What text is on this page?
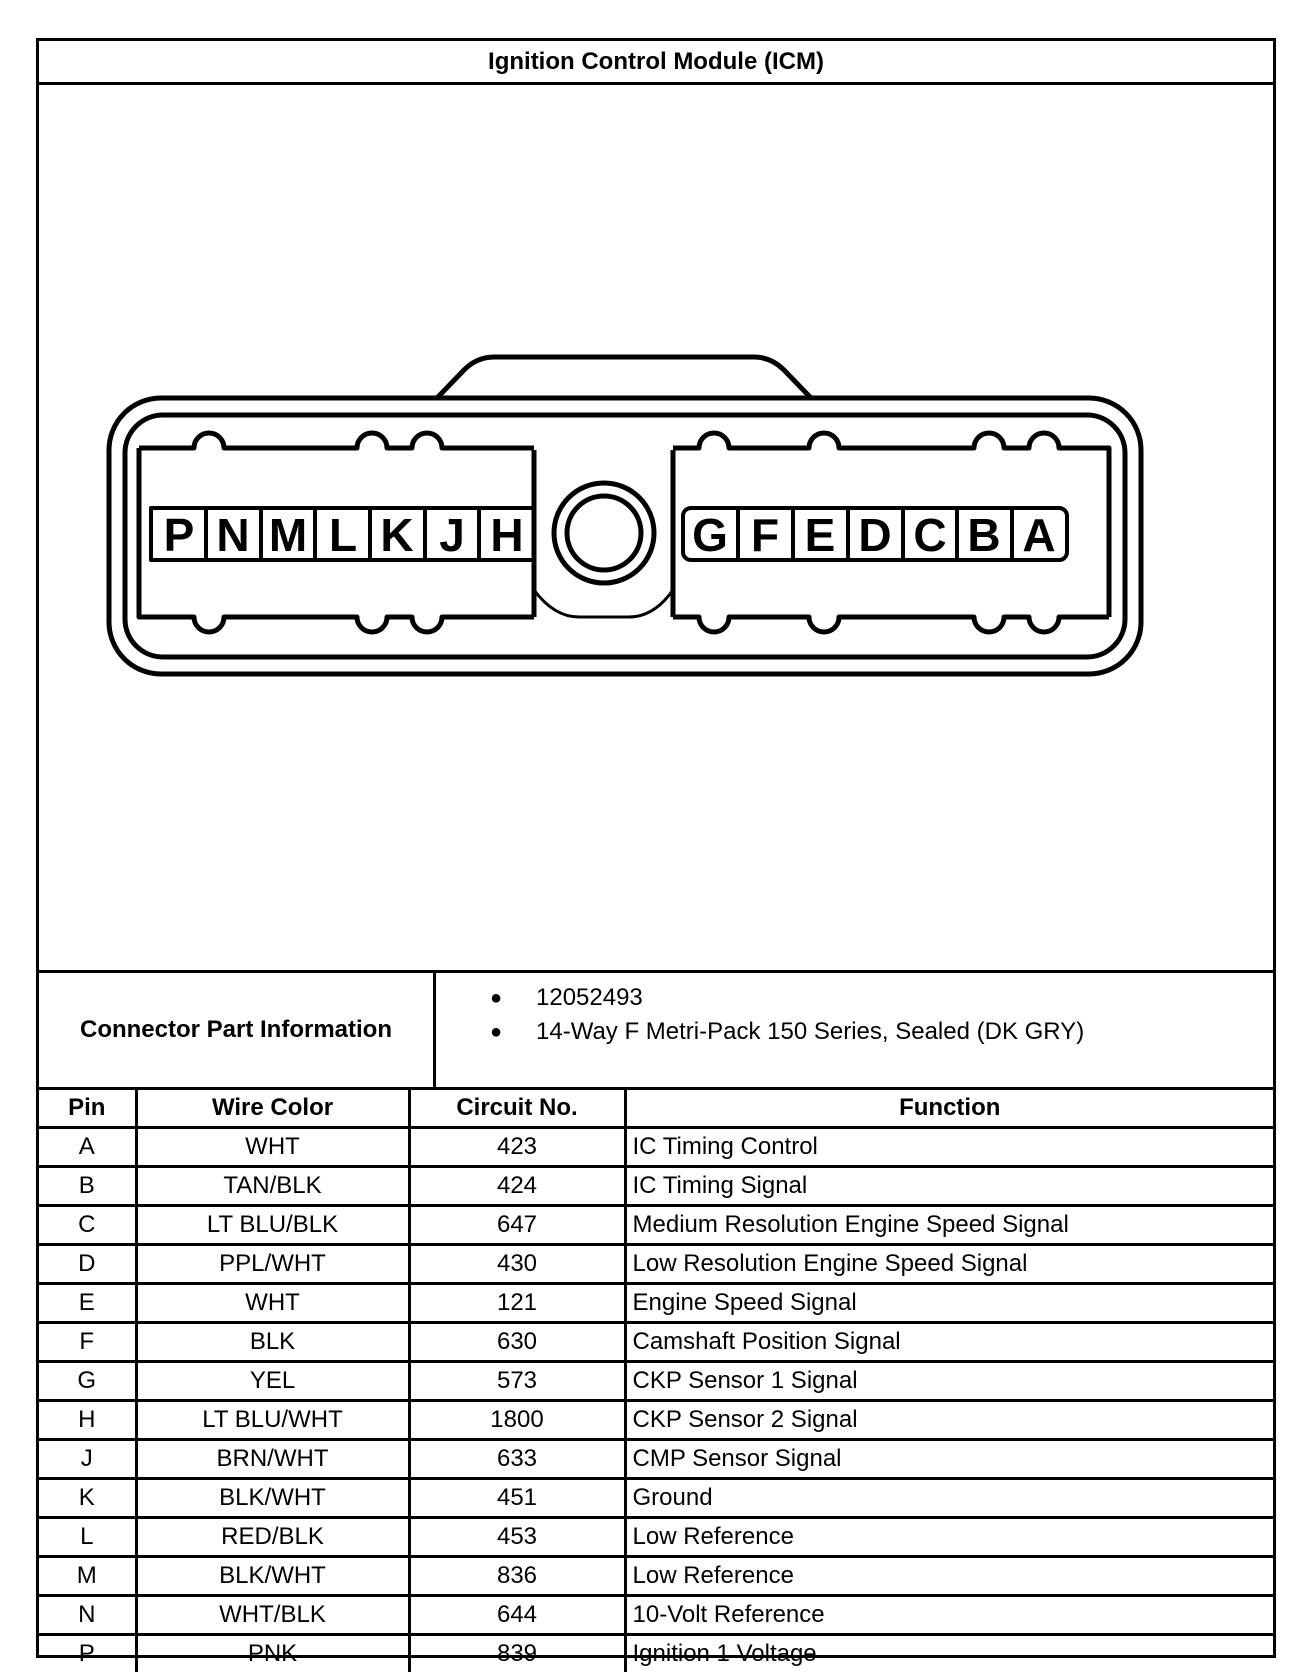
Ignition Control Module (ICM)
P N M L K J H	G F E D C B A
Connector Part Information
●	12052493
●	14-Way F Metri-Pack 150 Series, Sealed (DK GRY)
Pin	Wire Color	Circuit No.	Function
A	WHT	423	IC Timing Control
B	TAN/BLK	424	IC Timing Signal
C	LT BLU/BLK	647	Medium Resolution Engine Speed Signal
D	PPL/WHT	430	Low Resolution Engine Speed Signal
E	WHT	121	Engine Speed Signal
F	BLK	630	Camshaft Position Signal
G	YEL	573	CKP Sensor 1 Signal
H	LT BLU/WHT	1800	CKP Sensor 2 Signal
J	BRN/WHT	633	CMP Sensor Signal
K	BLK/WHT	451	Ground
L	RED/BLK	453	Low Reference
M	BLK/WHT	836	Low Reference
N	WHT/BLK	644	10-Volt Reference
P	PNK	839	Ignition 1 Voltage
